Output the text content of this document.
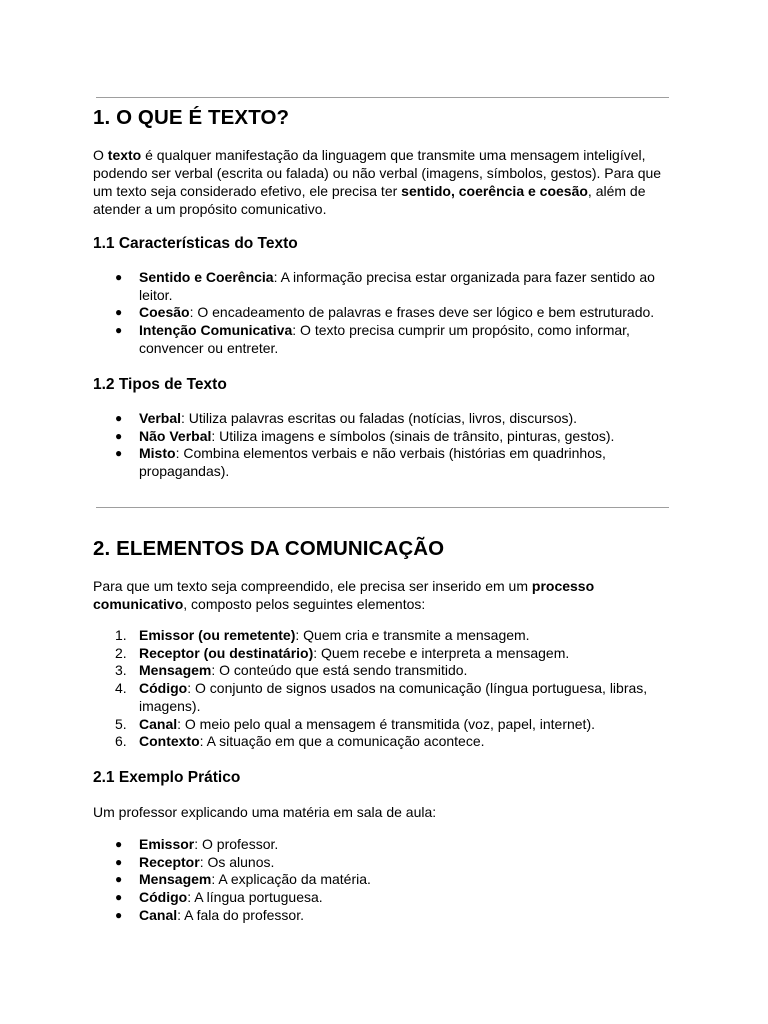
1. O QUE É TEXTO?

O texto é qualquer manifestação da linguagem que transmite uma mensagem inteligível, podendo ser verbal (escrita ou falada) ou não verbal (imagens, símbolos, gestos). Para que um texto seja considerado efetivo, ele precisa ter sentido, coerência e coesão, além de atender a um propósito comunicativo.

1.1 Características do Texto
● Sentido e Coerência: A informação precisa estar organizada para fazer sentido ao leitor.
● Coesão: O encadeamento de palavras e frases deve ser lógico e bem estruturado.
● Intenção Comunicativa: O texto precisa cumprir um propósito, como informar, convencer ou entreter.
1.2 Tipos de Texto
● Verbal: Utiliza palavras escritas ou faladas (notícias, livros, discursos).
● Não Verbal: Utiliza imagens e símbolos (sinais de trânsito, pinturas, gestos).
● Misto: Combina elementos verbais e não verbais (histórias em quadrinhos, propagandas).
2. ELEMENTOS DA COMUNICAÇÃO

Para que um texto seja compreendido, ele precisa ser inserido em um processo comunicativo, composto pelos seguintes elementos:

1. Emissor (ou remetente): Quem cria e transmite a mensagem.
2. Receptor (ou destinatário): Quem recebe e interpreta a mensagem.
3. Mensagem: O conteúdo que está sendo transmitido.
4. Código: O conjunto de signos usados na comunicação (língua portuguesa, libras, imagens).
5. Canal: O meio pelo qual a mensagem é transmitida (voz, papel, internet).
6. Contexto: A situação em que a comunicação acontece.
2.1 Exemplo Prático

Um professor explicando uma matéria em sala de aula:

● Emissor: O professor.
● Receptor: Os alunos.
● Mensagem: A explicação da matéria.
● Código: A língua portuguesa.
● Canal: A fala do professor.
